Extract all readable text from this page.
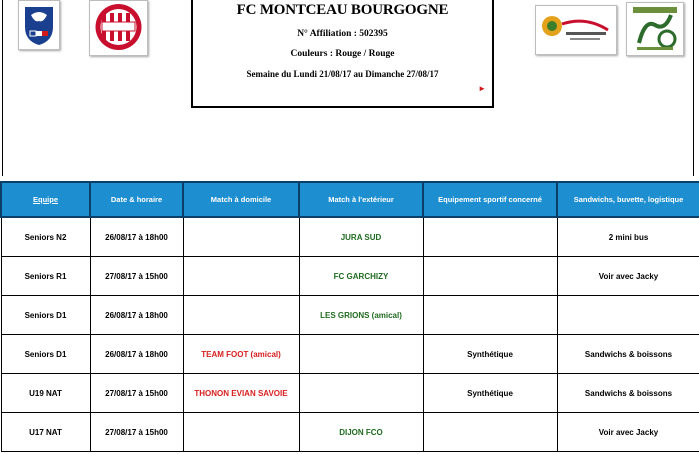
FC MONTCEAU BOURGOGNE
N° Affiliation : 502395
Couleurs : Rouge / Rouge
Semaine du Lundi 21/08/17 au Dimanche 27/08/17
►
Equipe	Date & horaire	Match à domicile	Match à l'extérieur	Equipement sportif concerné	Sandwichs, buvette, logistique
Seniors N2	26/08/17 à 18h00		JURA SUD		2 mini bus
Seniors R1	27/08/17 à 15h00		FC GARCHIZY		Voir avec Jacky
Seniors D1	26/08/17 à 18h00		LES GRIONS (amical)		
Seniors D1	26/08/17 à 18h00	TEAM FOOT (amical)		Synthétique	Sandwichs & boissons
U19 NAT	27/08/17 à 15h00	THONON EVIAN SAVOIE		Synthétique	Sandwichs & boissons
U17 NAT	27/08/17 à 15h00		DIJON FCO		Voir avec Jacky
